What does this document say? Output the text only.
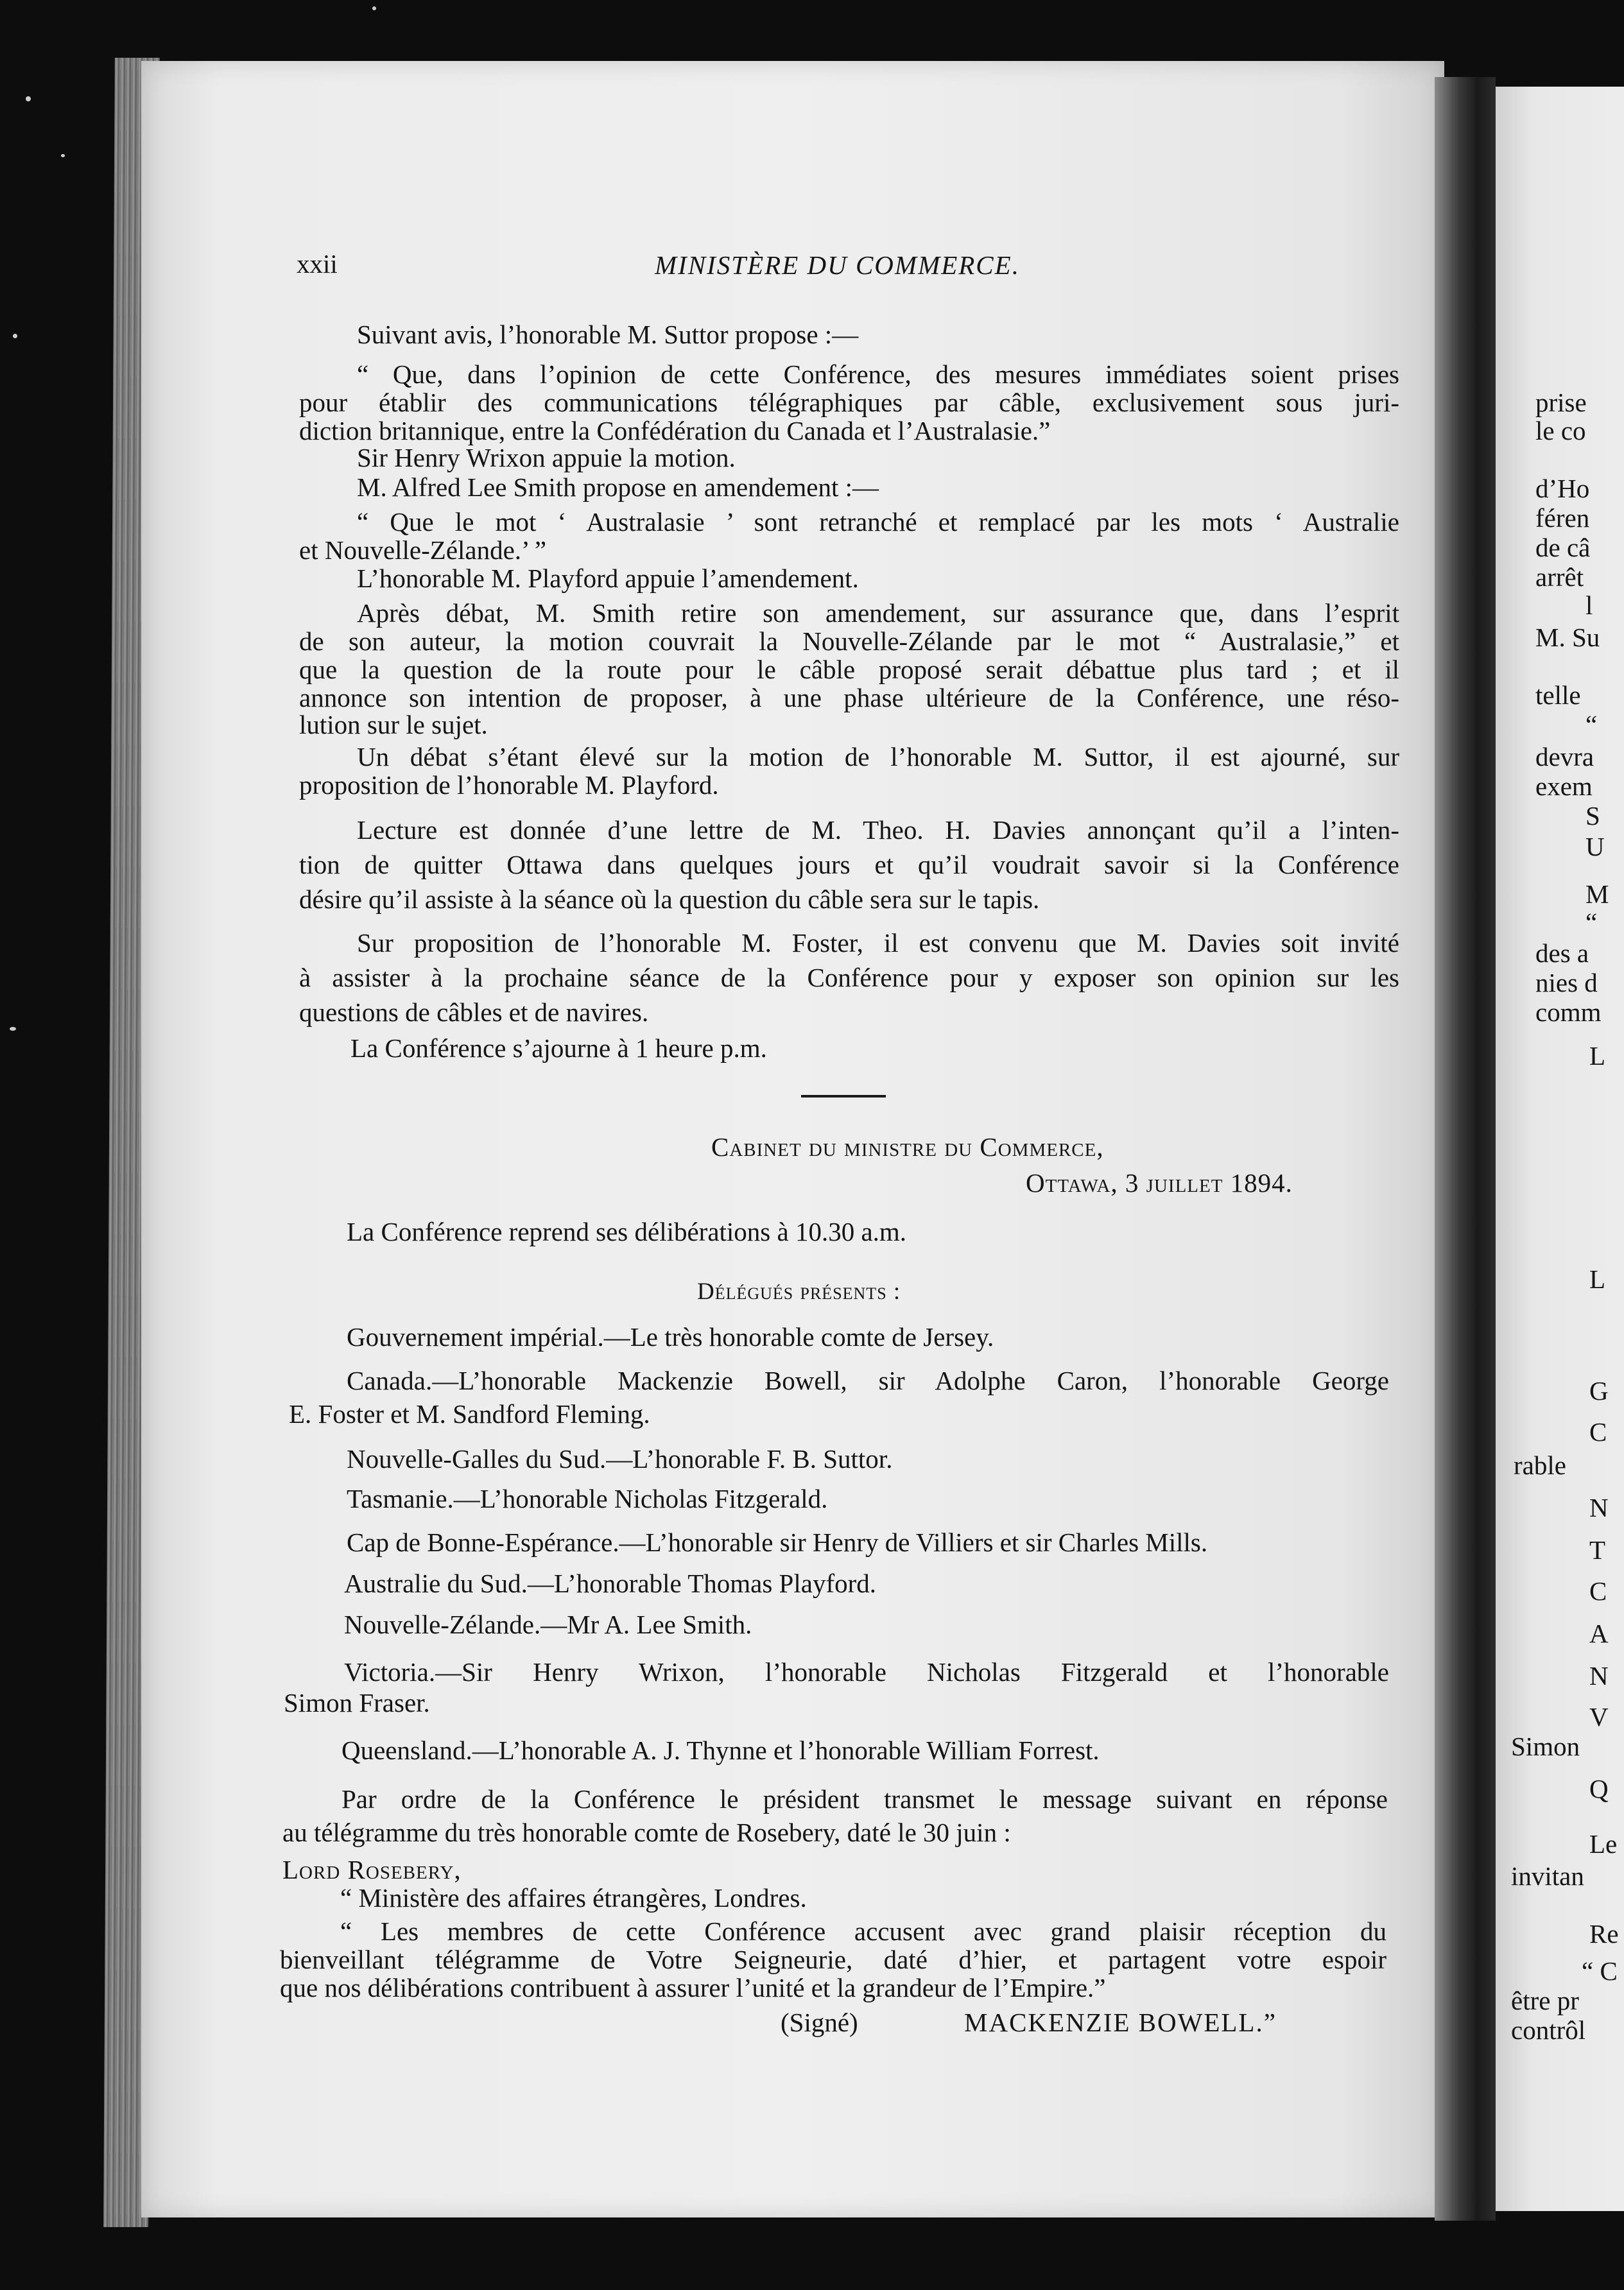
xxii	MINISTÈRE DU COMMERCE.
Suivant avis, l’honorable M. Suttor propose :—
“ Que, dans l’opinion de cette Conférence, des mesures immédiates soient prises
pour établir des communications télégraphiques par câble, exclusivement sous juri-
diction britannique, entre la Confédération du Canada et l’Australasie.”
Sir Henry Wrixon appuie la motion.
M. Alfred Lee Smith propose en amendement :—
“ Que le mot ‘ Australasie ’ sont retranché et remplacé par les mots ‘ Australie
et Nouvelle-Zélande.’ ”
L’honorable M. Playford appuie l’amendement.
Après débat, M. Smith retire son amendement, sur assurance que, dans l’esprit
de son auteur, la motion couvrait la Nouvelle-Zélande par le mot “ Australasie,” et
que la question de la route pour le câble proposé serait débattue plus tard ; et il
annonce son intention de proposer, à une phase ultérieure de la Conférence, une réso-
lution sur le sujet.
Un débat s’étant élevé sur la motion de l’honorable M. Suttor, il est ajourné, sur
proposition de l’honorable M. Playford.
Lecture est donnée d’une lettre de M. Theo. H. Davies annonçant qu’il a l’inten-
tion de quitter Ottawa dans quelques jours et qu’il voudrait savoir si la Conférence
désire qu’il assiste à la séance où la question du câble sera sur le tapis.
Sur proposition de l’honorable M. Foster, il est convenu que M. Davies soit invité
à assister à la prochaine séance de la Conférence pour y exposer son opinion sur les
questions de câbles et de navires.
La Conférence s’ajourne à 1 heure p.m.
Cabinet du ministre du Commerce,
Ottawa, 3 juillet 1894.
La Conférence reprend ses délibérations à 10.30 a.m.
Délégués présents :
Gouvernement impérial.—Le très honorable comte de Jersey.
Canada.—L’honorable Mackenzie Bowell, sir Adolphe Caron, l’honorable George
E. Foster et M. Sandford Fleming.
Nouvelle-Galles du Sud.—L’honorable F. B. Suttor.
Tasmanie.—L’honorable Nicholas Fitzgerald.
Cap de Bonne-Espérance.—L’honorable sir Henry de Villiers et sir Charles Mills.
Australie du Sud.—L’honorable Thomas Playford.
Nouvelle-Zélande.—Mr A. Lee Smith.
Victoria.—Sir Henry Wrixon, l’honorable Nicholas Fitzgerald et l’honorable
Simon Fraser.
Queensland.—L’honorable A. J. Thynne et l’honorable William Forrest.
Par ordre de la Conférence le président transmet le message suivant en réponse
au télégramme du très honorable comte de Rosebery, daté le 30 juin :
Lord Rosebery,
“ Ministère des affaires étrangères, Londres.
“ Les membres de cette Conférence accusent avec grand plaisir réception du
bienveillant télégramme de Votre Seigneurie, daté d’hier, et partagent votre espoir
que nos délibérations contribuent à assurer l’unité et la grandeur de l’Empire.”
(Signé)	MACKENZIE BOWELL.”
prise
le co
d’Ho
féren
de câ
arrêt
l
M. Su
telle
“
devra
exem
S
U
M
“
des a
nies d
comm
L
L
G
C
rable
N
T
C
A
N
V
Simon
Q
Le
invitan
Re
“ C
être pr
contrôl
